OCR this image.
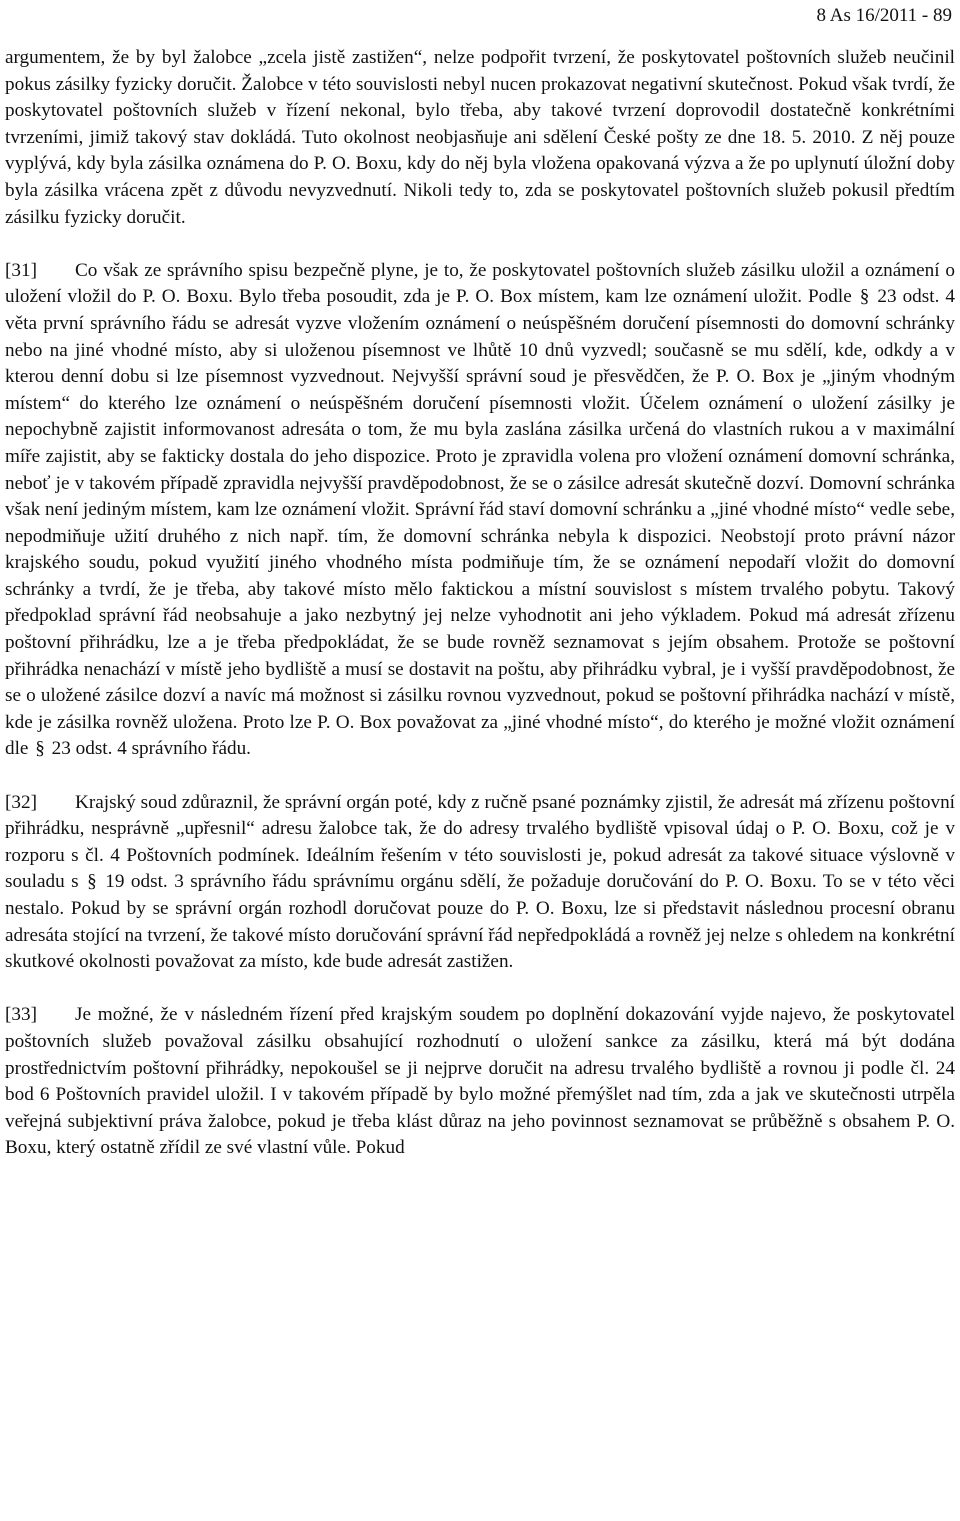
8 As 16/2011 - 89

argumentem, že by byl žalobce „zcela jistě zastižen“, nelze podpořit tvrzení, že poskytovatel poštovních služeb neučinil pokus zásilky fyzicky doručit. Žalobce v této souvislosti nebyl nucen prokazovat negativní skutečnost. Pokud však tvrdí, že poskytovatel poštovních služeb v řízení nekonal, bylo třeba, aby takové tvrzení doprovodil dostatečně konkrétními tvrzeními, jimiž takový stav dokládá. Tuto okolnost neobjasňuje ani sdělení České pošty ze dne 18. 5. 2010. Z něj pouze vyplývá, kdy byla zásilka oznámena do P. O. Boxu, kdy do něj byla vložena opakovaná výzva a že po uplynutí úložní doby byla zásilka vrácena zpět z důvodu nevyzvednutí. Nikoli tedy to, zda se poskytovatel poštovních služeb pokusil předtím zásilku fyzicky doručit.

[31] Co však ze správního spisu bezpečně plyne, je to, že poskytovatel poštovních služeb zásilku uložil a oznámení o uložení vložil do P. O. Boxu. Bylo třeba posoudit, zda je P. O. Box místem, kam lze oznámení uložit. Podle § 23 odst. 4 věta první správního řádu se adresát vyzve vložením oznámení o neúspěšném doručení písemnosti do domovní schránky nebo na jiné vhodné místo, aby si uloženou písemnost ve lhůtě 10 dnů vyzvedl; současně se mu sdělí, kde, odkdy a v kterou denní dobu si lze písemnost vyzvednout. Nejvyšší správní soud je přesvědčen, že P. O. Box je „jiným vhodným místem“ do kterého lze oznámení o neúspěšném doručení písemnosti vložit. Účelem oznámení o uložení zásilky je nepochybně zajistit informovanost adresáta o tom, že mu byla zaslána zásilka určená do vlastních rukou a v maximální míře zajistit, aby se fakticky dostala do jeho dispozice. Proto je zpravidla volena pro vložení oznámení domovní schránka, neboť je v takovém případě zpravidla nejvyšší pravděpodobnost, že se o zásilce adresát skutečně dozví. Domovní schránka však není jediným místem, kam lze oznámení vložit. Správní řád staví domovní schránku a „jiné vhodné místo“ vedle sebe, nepodmiňuje užití druhého z nich např. tím, že domovní schránka nebyla k dispozici. Neobstojí proto právní názor krajského soudu, pokud využití jiného vhodného místa podmiňuje tím, že se oznámení nepodaří vložit do domovní schránky a tvrdí, že je třeba, aby takové místo mělo faktickou a místní souvislost s místem trvalého pobytu. Takový předpoklad správní řád neobsahuje a jako nezbytný jej nelze vyhodnotit ani jeho výkladem. Pokud má adresát zřízenu poštovní přihrádku, lze a je třeba předpokládat, že se bude rovněž seznamovat s jejím obsahem. Protože se poštovní přihrádka nenachází v místě jeho bydliště a musí se dostavit na poštu, aby přihrádku vybral, je i vyšší pravděpodobnost, že se o uložené zásilce dozví a navíc má možnost si zásilku rovnou vyzvednout, pokud se poštovní přihrádka nachází v místě, kde je zásilka rovněž uložena. Proto lze P. O. Box považovat za „jiné vhodné místo“, do kterého je možné vložit oznámení dle § 23 odst. 4 správního řádu.

[32] Krajský soud zdůraznil, že správní orgán poté, kdy z ručně psané poznámky zjistil, že adresát má zřízenu poštovní přihrádku, nesprávně „upřesnil“ adresu žalobce tak, že do adresy trvalého bydliště vpisoval údaj o P. O. Boxu, což je v rozporu s čl. 4 Poštovních podmínek. Ideálním řešením v této souvislosti je, pokud adresát za takové situace výslovně v souladu s § 19 odst. 3 správního řádu správnímu orgánu sdělí, že požaduje doručování do P. O. Boxu. To se v této věci nestalo. Pokud by se správní orgán rozhodl doručovat pouze do P. O. Boxu, lze si představit následnou procesní obranu adresáta stojící na tvrzení, že takové místo doručování správní řád nepředpokládá a rovněž jej nelze s ohledem na konkrétní skutkové okolnosti považovat za místo, kde bude adresát zastižen.

[33] Je možné, že v následném řízení před krajským soudem po doplnění dokazování vyjde najevo, že poskytovatel poštovních služeb považoval zásilku obsahující rozhodnutí o uložení sankce za zásilku, která má být dodána prostřednictvím poštovní přihrádky, nepokoušel se ji nejprve doručit na adresu trvalého bydliště a rovnou ji podle čl. 24 bod 6 Poštovních pravidel uložil. I v takovém případě by bylo možné přemýšlet nad tím, zda a jak ve skutečnosti utrpěla veřejná subjektivní práva žalobce, pokud je třeba klást důraz na jeho povinnost seznamovat se průběžně s obsahem P. O. Boxu, který ostatně zřídil ze své vlastní vůle. Pokud
